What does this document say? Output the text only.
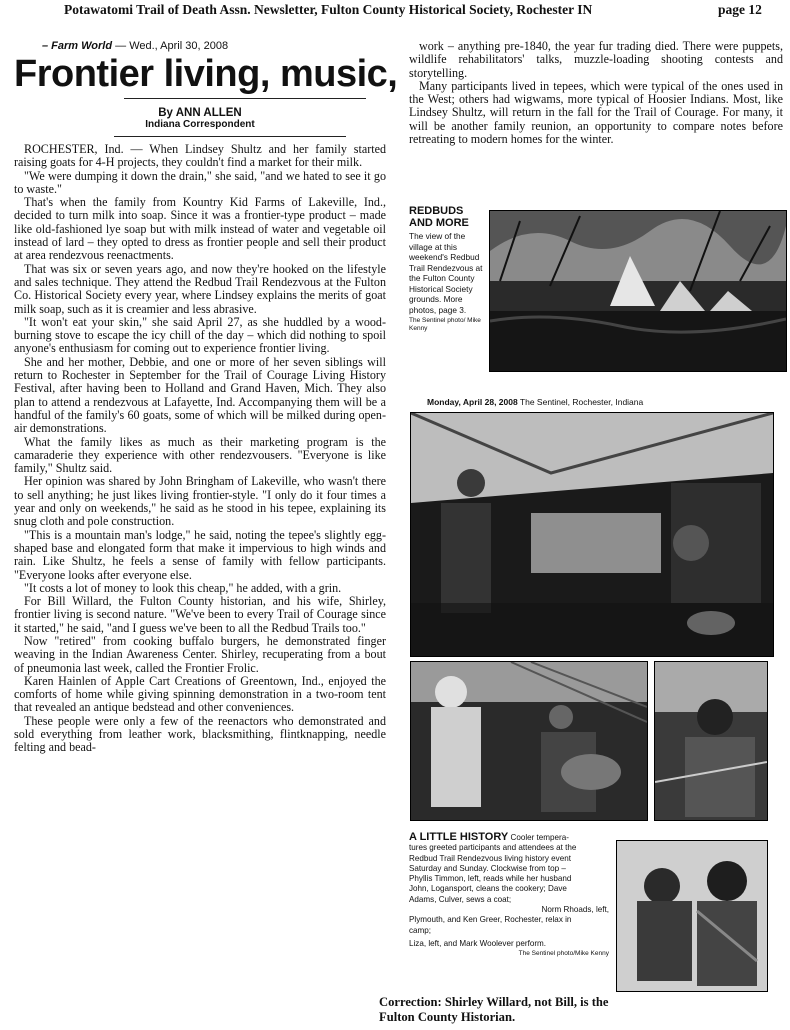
Potawatomi Trail of Death Assn. Newsletter, Fulton County Historical Society, Rochester IN	page 12
– Farm World — Wed., April 30, 2008
Frontier living, music,
By ANN ALLEN
Indiana Correspondent

ROCHESTER, Ind. — When Lindsey Shultz and her family started raising goats for 4-H projects, they couldn't find a market for their milk.

"We were dumping it down the drain," she said, "and we hated to see it go to waste."

That's when the family from Kountry Kid Farms of Lakeville, Ind., decided to turn milk into soap. Since it was a frontier-type product – made like old-fashioned lye soap but with milk instead of water and vegetable oil instead of lard – they opted to dress as frontier people and sell their product at area rendezvous reenactments.

That was six or seven years ago, and now they're hooked on the lifestyle and sales technique. They attend the Redbud Trail Rendezvous at the Fulton Co. Historical Society every year, where Lindsey explains the merits of goat milk soap, such as it is creamier and less abrasive.

"It won't eat your skin," she said April 27, as she huddled by a wood-burning stove to escape the icy chill of the day – which did nothing to spoil anyone's enthusiasm for coming out to experience frontier living.

She and her mother, Debbie, and one or more of her seven siblings will return to Rochester in September for the Trail of Courage Living History Festival, after having been to Holland and Grand Haven, Mich. They also plan to attend a rendezvous at Lafayette, Ind. Accompanying them will be a handful of the family's 60 goats, some of which will be milked during open-air demonstrations.

What the family likes as much as their marketing program is the camaraderie they experience with other rendezvousers. "Everyone is like family," Shultz said.

Her opinion was shared by John Bringham of Lakeville, who wasn't there to sell anything; he just likes living frontier-style. "I only do it four times a year and only on weekends," he said as he stood in his tepee, explaining its snug cloth and pole construction.

"This is a mountain man's lodge," he said, noting the tepee's slightly egg-shaped base and elongated form that make it impervious to high winds and rain. Like Shultz, he feels a sense of family with fellow participants. "Everyone looks after everyone else.

"It costs a lot of money to look this cheap," he added, with a grin.

For Bill Willard, the Fulton County historian, and his wife, Shirley, frontier living is second nature. "We've been to every Trail of Courage since it started," he said, "and I guess we've been to all the Redbud Trails too."

Now "retired" from cooking buffalo burgers, he demonstrated finger weaving in the Indian Awareness Center. Shirley, recuperating from a bout of pneumonia last week, called the Frontier Frolic.

Karen Hainlen of Apple Cart Creations of Greentown, Ind., enjoyed the comforts of home while giving spinning demonstration in a two-room tent that revealed an antique bedstead and other conveniences.

These people were only a few of the reenactors who demonstrated and sold everything from leather work, blacksmithing, flintknapping, needle felting and bead-

work – anything pre-1840, the year fur trading died. There were puppets, wildlife rehabilitators' talks, muzzle-loading shooting contests and storytelling.

Many participants lived in tepees, which were typical of the ones used in the West; others had wigwams, more typical of Hoosier Indians. Most, like Lindsey Shultz, will return in the fall for the Trail of Courage. For many, it will be another family reunion, an opportunity to compare notes before retreating to modern homes for the winter.

REDBUDS AND MORE
The view of the village at this weekend's Redbud Trail Rendezvous at the Fulton County Historical Society grounds. More photos, page 3.
The Sentinel photo/ Mike Kenny
Monday, April 28, 2008 The Sentinel, Rochester, Indiana
A LITTLE HISTORY Cooler tempera-
tures greeted participants and attendees at the
Redbud Trail Rendezvous living history event
Saturday and Sunday. Clockwise from top –
Phyllis Timmon, left, reads while her husband
John, Logansport, cleans the cookery; Dave
Adams, Culver, sews a coat;
Norm Rhoads, left,
Plymouth, and Ken Greer, Rochester, relax in
camp;
Liza, left, and Mark Woolever perform.
The Sentinel photo/Mike Kenny
Correction: Shirley Willard, not Bill, is the Fulton County Historian.
